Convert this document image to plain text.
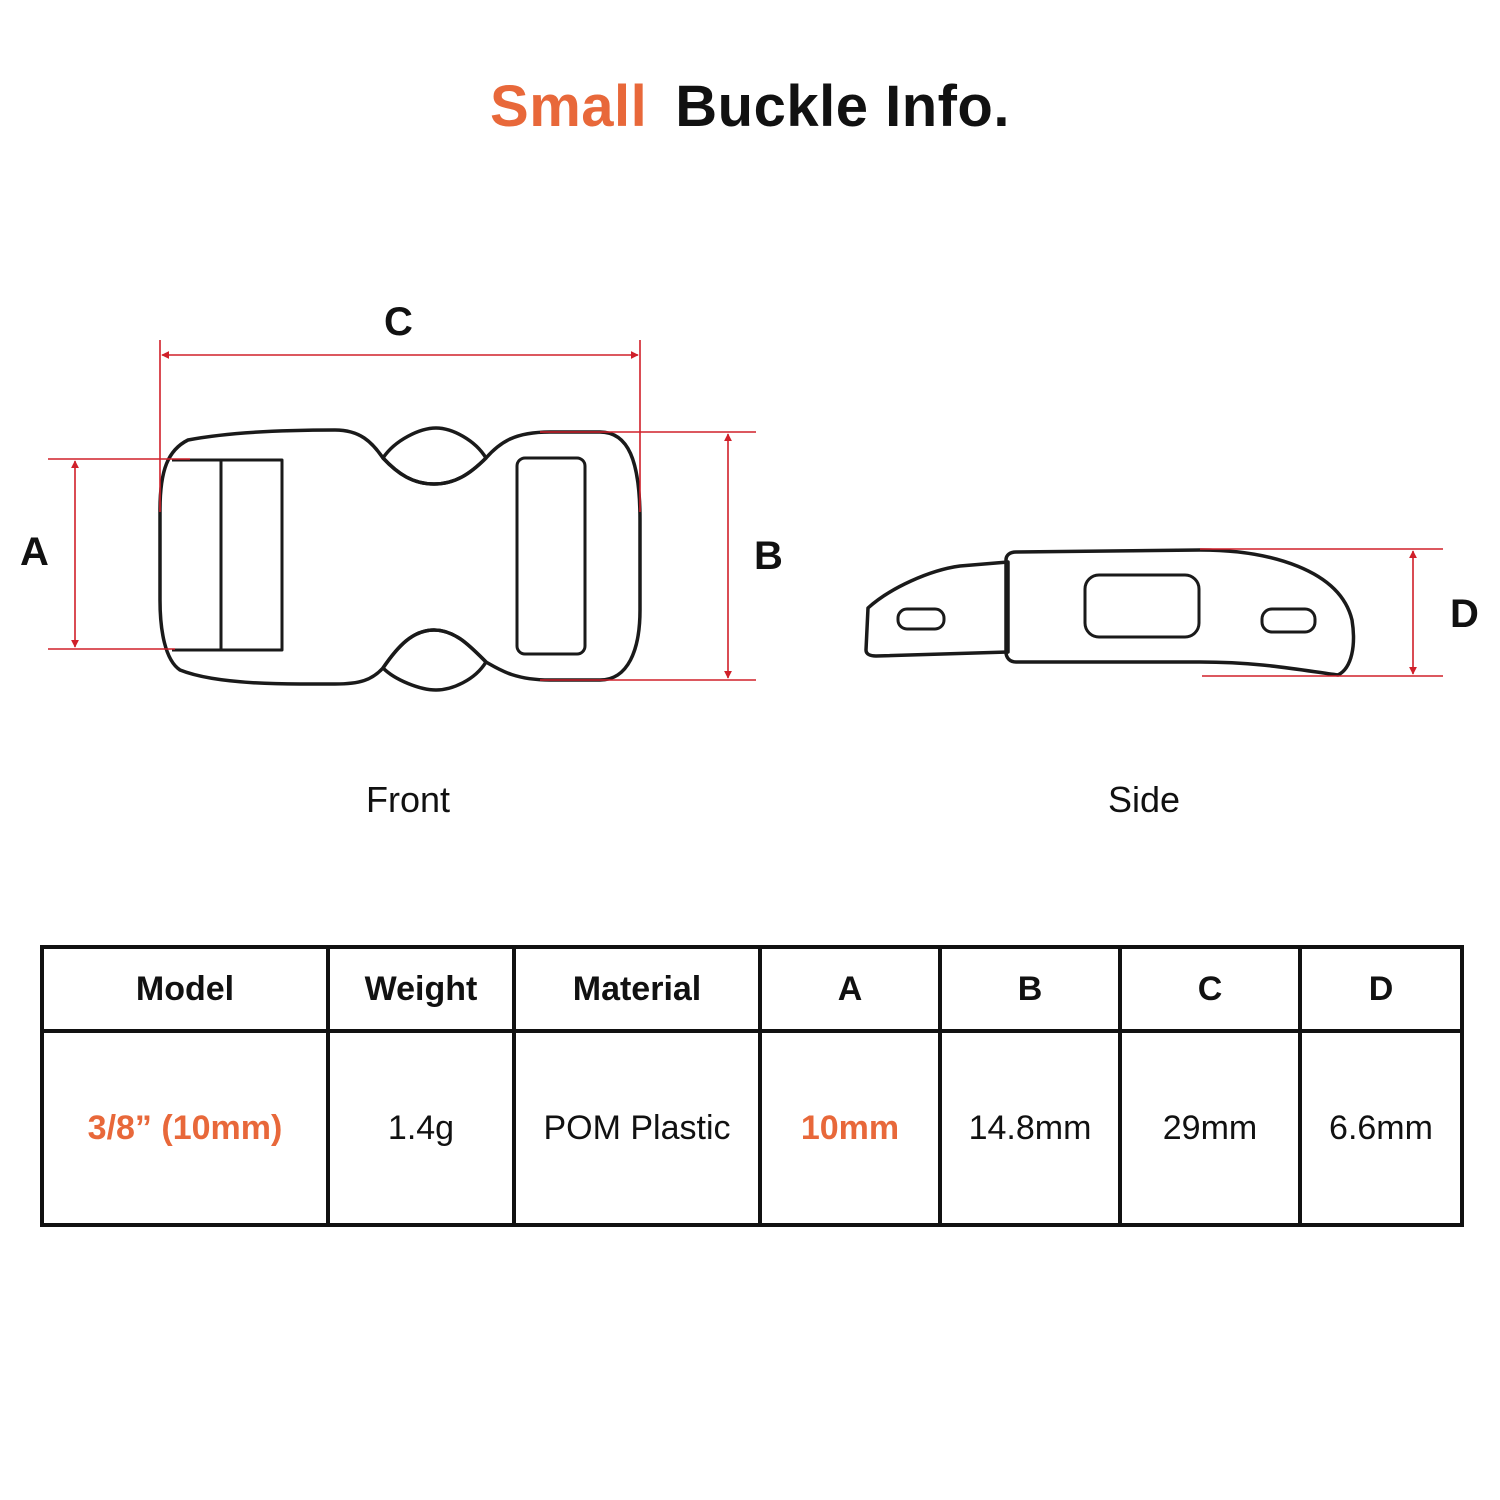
Small Buckle Info.
C
A	B
D
Front	Side
Model	Weight	Material	A	B	C	D
3/8” (10mm)	1.4g	POM Plastic	10mm	14.8mm	29mm	6.6mm
